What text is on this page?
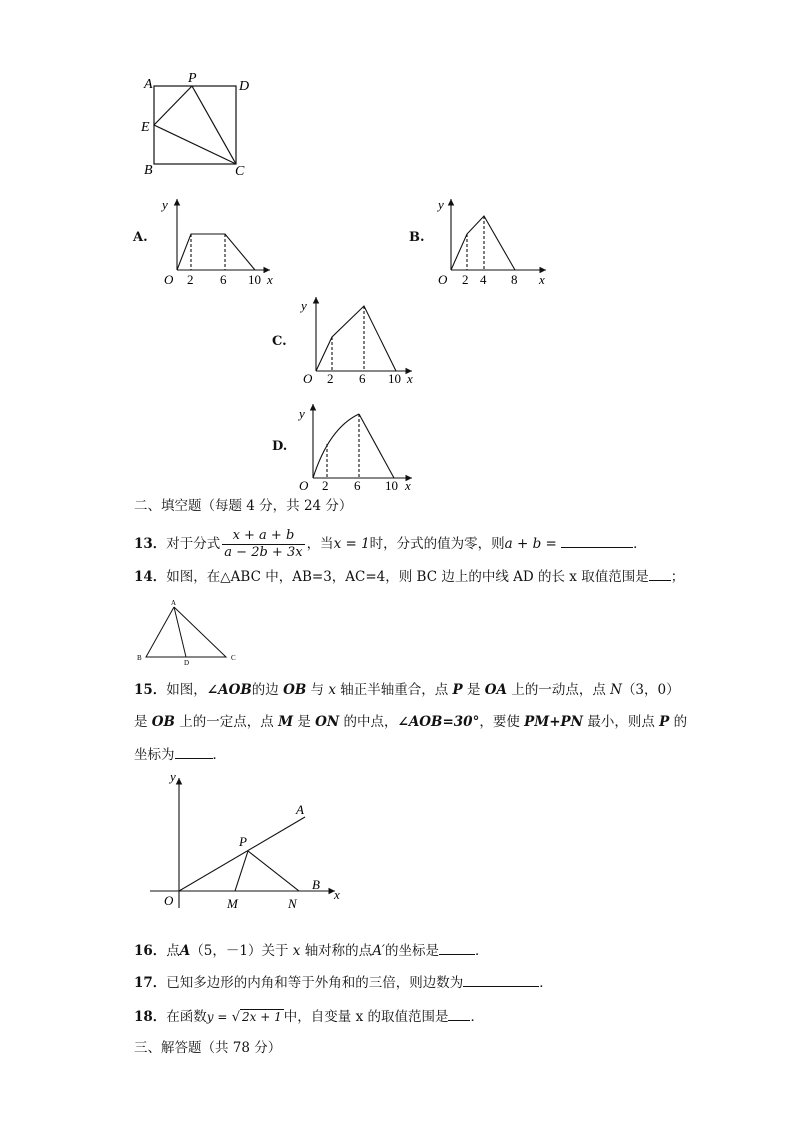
A	P
D
E
B	C
A.
y
O 2 6 10 x
B.
y
O 2 4 8 x
C.
y
O 2 6 10 x
D.
y
O 2 6 10 x
二、填空题（每题 4 分，共 24 分）
13．对于分式 $\frac{x + a + b}{a - 2b + 3x}$ ，当x = 1时，分式的值为零，则a + b =	．
14．如图，在△ABC 中，AB=3，AC=4，则 BC 边上的中线 AD 的长 x 取值范围是 ；
A
B
D
C
15．如图，∠AOB的边 OB 与 x 轴正半轴重合，点 P 是 OA 上的一动点，点 N（3，0）
是 OB 上的一定点，点 M 是 ON 的中点，∠AOB=30°，要使 PM+PN 最小，则点 P 的
坐标为	．
y
A
P
B
x
O	M	N
16．点A（5，－1）关于 x 轴对称的点A′的坐标是	．
17．已知多边形的内角和等于外角和的三倍，则边数为	．
18．在函数y = √ 2x + 1 中，自变量 x 的取值范围是 ．
三、解答题（共 78 分）
